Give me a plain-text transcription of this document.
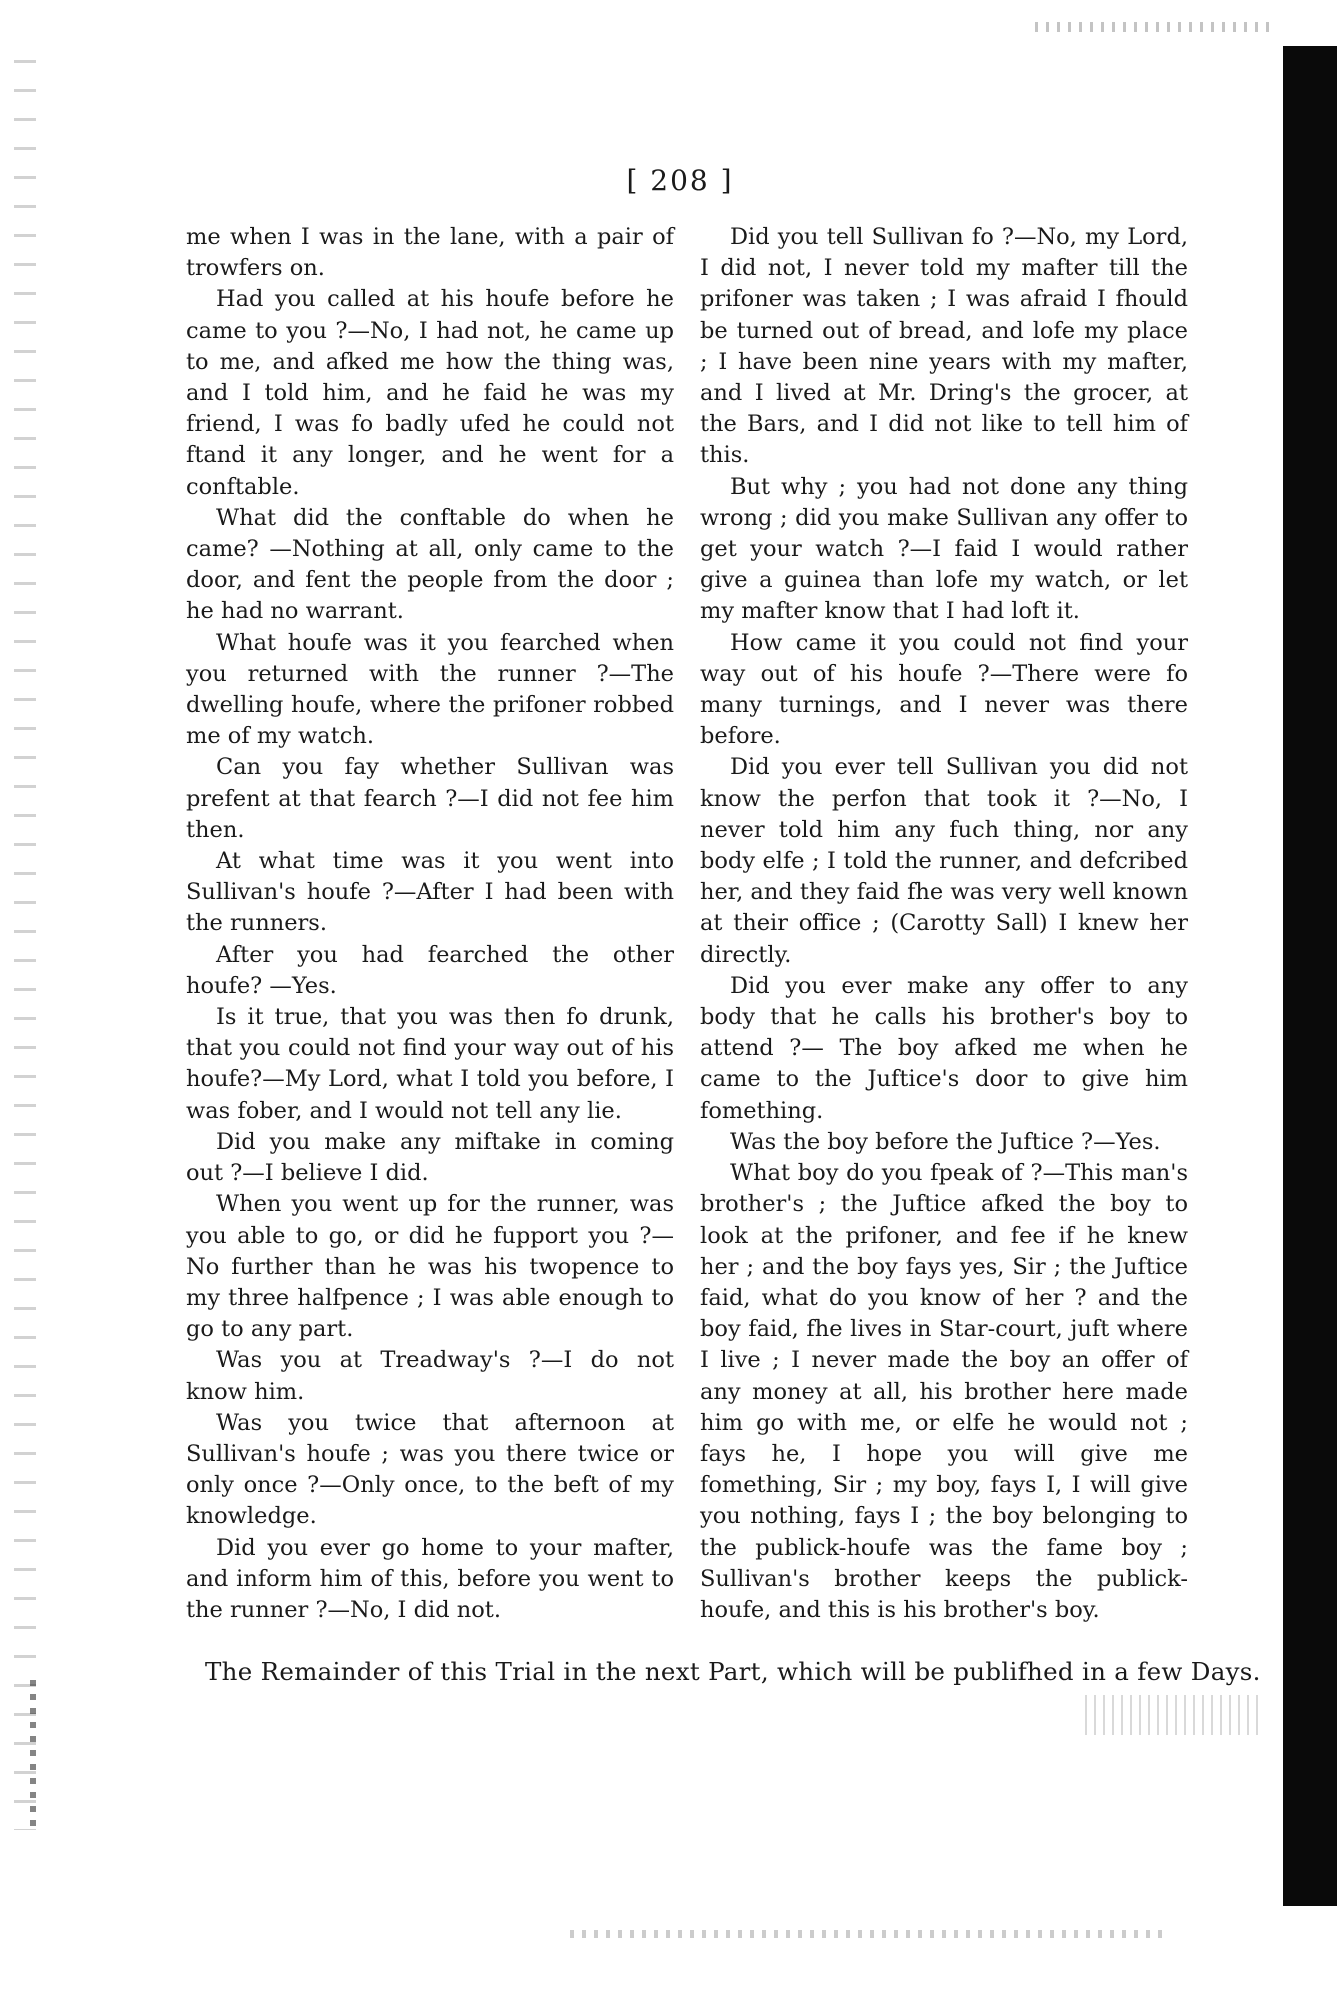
[ 208 ]

me when I was in the lane, with a pair of trowfers on.

Had you called at his houfe before he came to you ?—No, I had not, he came up to me, and afked me how the thing was, and I told him, and he faid he was my friend, I was fo badly ufed he could not ftand it any longer, and he went for a conftable.

What did the conftable do when he came? —Nothing at all, only came to the door, and fent the people from the door ; he had no warrant.

What houfe was it you fearched when you returned with the runner ?—The dwelling houfe, where the prifoner robbed me of my watch.

Can you fay whether Sullivan was prefent at that fearch ?—I did not fee him then.

At what time was it you went into Sullivan's houfe ?—After I had been with the runners.

After you had fearched the other houfe? —Yes.

Is it true, that you was then fo drunk, that you could not find your way out of his houfe?—My Lord, what I told you before, I was fober, and I would not tell any lie.

Did you make any miftake in coming out ?—I believe I did.

When you went up for the runner, was you able to go, or did he fupport you ?— No further than he was his twopence to my three halfpence ; I was able enough to go to any part.

Was you at Treadway's ?—I do not know him.

Was you twice that afternoon at Sullivan's houfe ; was you there twice or only once ?—Only once, to the beft of my knowledge.

Did you ever go home to your mafter, and inform him of this, before you went to the runner ?—No, I did not.

Did you tell Sullivan fo ?—No, my Lord, I did not, I never told my mafter till the prifoner was taken ; I was afraid I fhould be turned out of bread, and lofe my place ; I have been nine years with my mafter, and I lived at Mr. Dring's the grocer, at the Bars, and I did not like to tell him of this.

But why ; you had not done any thing wrong ; did you make Sullivan any offer to get your watch ?—I faid I would rather give a guinea than lofe my watch, or let my mafter know that I had loft it.

How came it you could not find your way out of his houfe ?—There were fo many turnings, and I never was there before.

Did you ever tell Sullivan you did not know the perfon that took it ?—No, I never told him any fuch thing, nor any body elfe ; I told the runner, and defcribed her, and they faid fhe was very well known at their office ; (Carotty Sall) I knew her directly.

Did you ever make any offer to any body that he calls his brother's boy to attend ?— The boy afked me when he came to the Juftice's door to give him fomething.

Was the boy before the Juftice ?—Yes.

What boy do you fpeak of ?—This man's brother's ; the Juftice afked the boy to look at the prifoner, and fee if he knew her ; and the boy fays yes, Sir ; the Juftice faid, what do you know of her ? and the boy faid, fhe lives in Star-court, juft where I live ; I never made the boy an offer of any money at all, his brother here made him go with me, or elfe he would not ; fays he, I hope you will give me fomething, Sir ; my boy, fays I, I will give you nothing, fays I ; the boy belonging to the publick-houfe was the fame boy ; Sullivan's brother keeps the publick-houfe, and this is his brother's boy.

The Remainder of this Trial in the next Part, which will be publifhed in a few Days.
